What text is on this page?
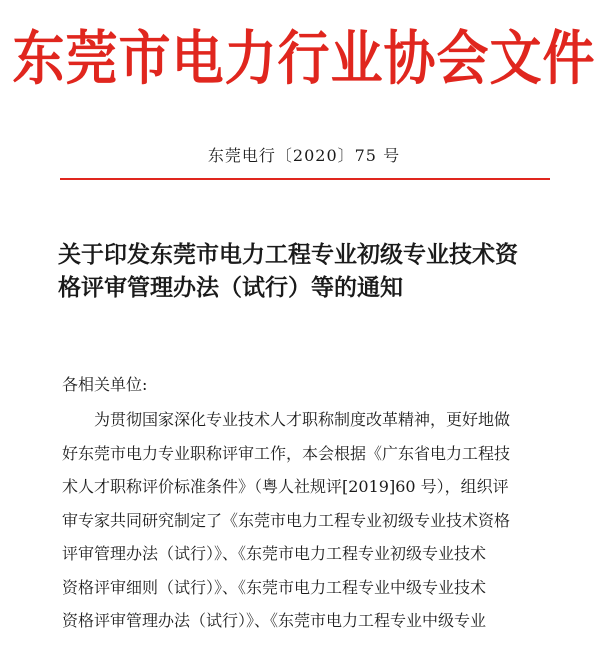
东莞市电力行业协会文件
东莞电行〔2020〕75 号
关于印发东莞市电力工程专业初级专业技术资
格评审管理办法（试行）等的通知
各相关单位:
为贯彻国家深化专业技术人才职称制度改革精神，更好地做
好东莞市电力专业职称评审工作，本会根据《广东省电力工程技
术人才职称评价标准条件》（粤人社规评[2019]60 号），组织评
审专家共同研究制定了《东莞市电力工程专业初级专业技术资格
评审管理办法（试行）》、《东莞市电力工程专业初级专业技术
资格评审细则（试行）》、《东莞市电力工程专业中级专业技术
资格评审管理办法（试行）》、《东莞市电力工程专业中级专业
